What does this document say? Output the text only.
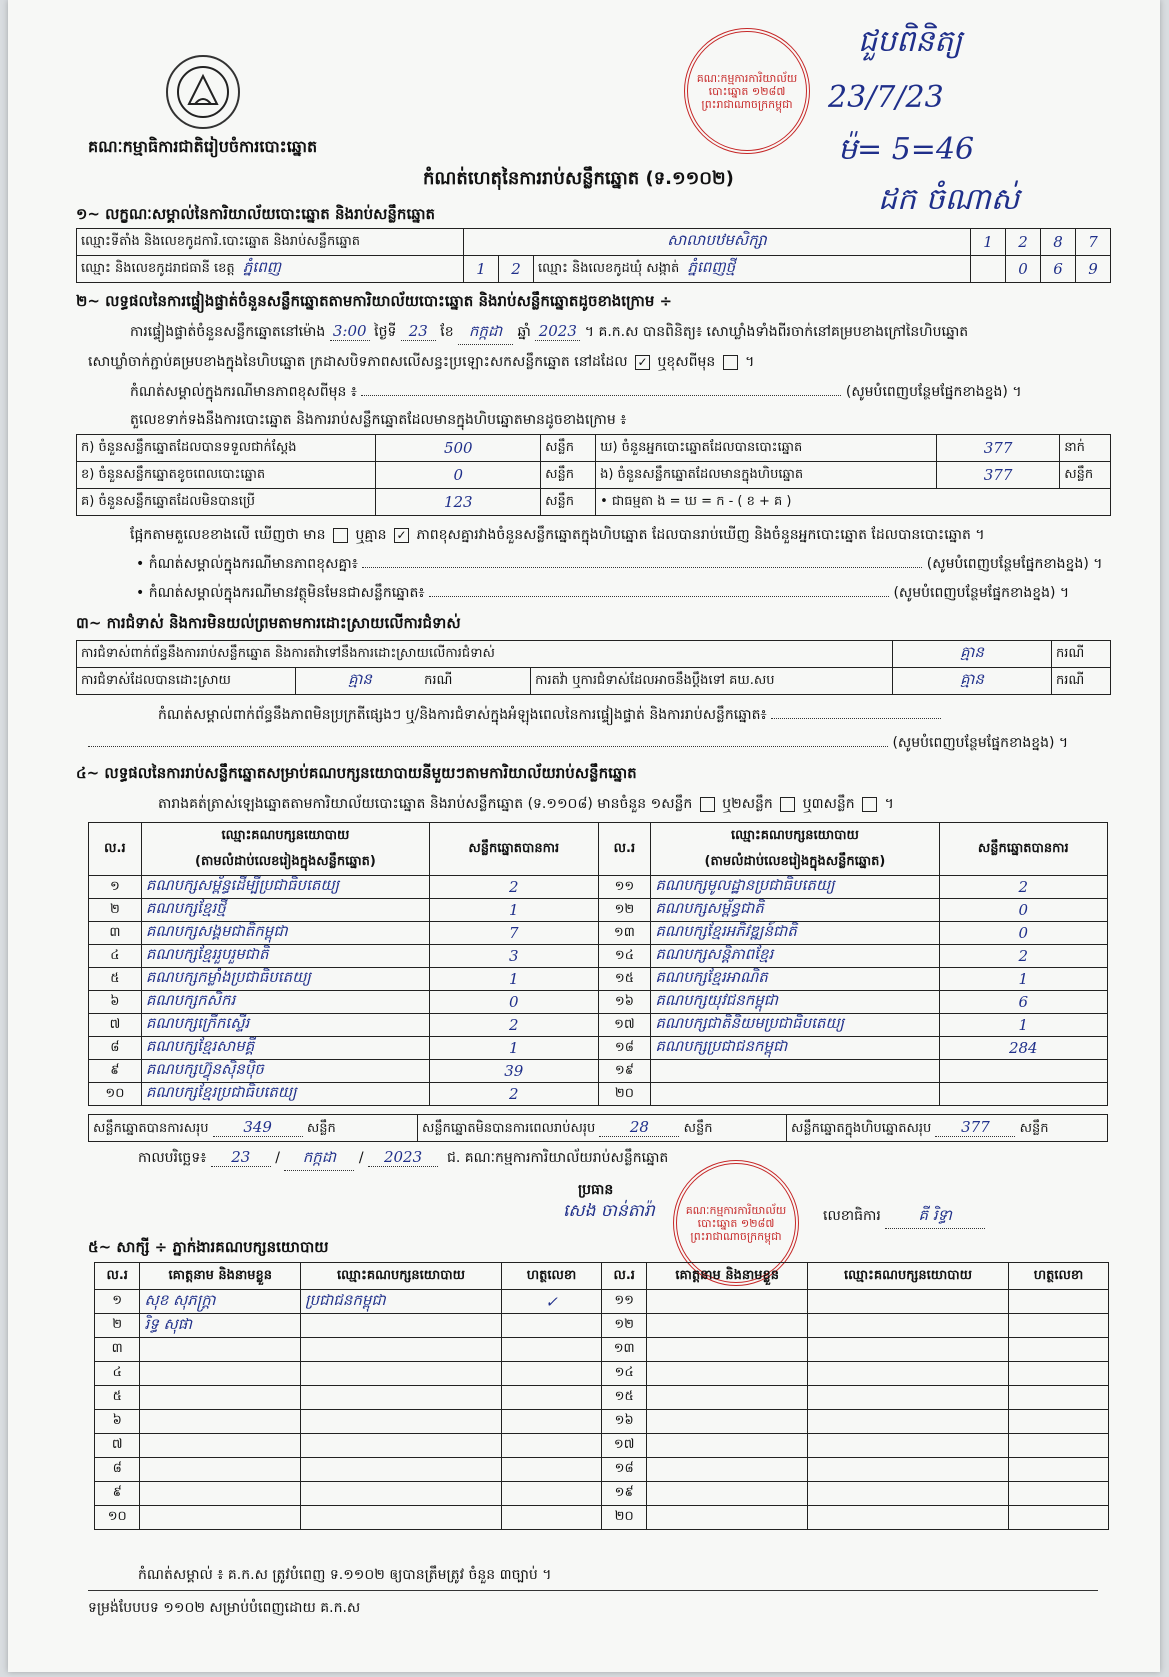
គណៈកម្មាធិការជាតិរៀបចំការបោះឆ្នោត
កំណត់ហេតុនៃការរាប់សន្លឹកឆ្នោត (ទ.១១០២)
គណៈកម្មការការិយាល័យបោះឆ្នោត ១២៨៧ ព្រះរាជាណាចក្រកម្ពុជា
ជួបពិនិត្យ
23/7/23
ម៉= 5=46
ដក ចំណាស់
១~ លក្ខណៈសម្គាល់នៃការិយាល័យបោះឆ្នោត និងរាប់សន្លឹកឆ្នោត
ឈ្មោះទីតាំង និងលេខកូដការិ.បោះឆ្នោត និងរាប់សន្លឹកឆ្នោត	សាលាបឋមសិក្សា			1	2	8	7
ឈ្មោះ និងលេខកូដរាជធានី ខេត្ត ភ្នំពេញ	1	2	ឈ្មោះ និងលេខកូដឃុំ សង្កាត់ ភ្នំពេញថ្មី		0	6	9
២~ លទ្ធផលនៃការផ្ទៀងផ្ទាត់ចំនួនសន្លឹកឆ្នោតតាមការិយាល័យបោះឆ្នោត និងរាប់សន្លឹកឆ្នោតដូចខាងក្រោម ÷
ការផ្ទៀងផ្ទាត់ចំនួនសន្លឹកឆ្នោតនៅម៉ោង 3:00 ថ្ងៃទី 23 ខែ កក្កដា ឆ្នាំ 2023 ។ គ.ក.ស បានពិនិត្យ៖ សោឃ្លាំងទាំងពីរចាក់នៅគម្របខាងក្រៅនៃហិបឆ្នោត
សោឃ្លាំចាក់ភ្ជាប់គម្របខាងក្នុងនៃហិបឆ្នោត ក្រដាសបិទភាពសលើសន្ធះប្រឡោះសកសន្លឹកឆ្នោត នៅដដែល ✓ ឬខុសពីមុន  ។
កំណត់សម្គាល់ក្នុងករណីមានភាពខុសពីមុន ៖	(សូមបំពេញបន្ថែមផ្នែកខាងខ្នង) ។
តួលេខទាក់ទងនឹងការបោះឆ្នោត និងការរាប់សន្លឹកឆ្នោតដែលមានក្នុងហិបឆ្នោតមានដូចខាងក្រោម ៖
ក) ចំនួនសន្លឹកឆ្នោតដែលបានទទួលជាក់ស្តែង	500	សន្លឹក	ឃ) ចំនួនអ្នកបោះឆ្នោតដែលបានបោះឆ្នោត	377	នាក់
ខ) ចំនួនសន្លឹកឆ្នោតខូចពេលបោះឆ្នោត	0	សន្លឹក	ង) ចំនួនសន្លឹកឆ្នោតដែលមានក្នុងហិបឆ្នោត	377	សន្លឹក
គ) ចំនួនសន្លឹកឆ្នោតដែលមិនបានប្រើ	123	សន្លឹក	• ជាធម្មតា ង = ឃ = ក - ( ខ + គ )		
ផ្អែកតាមតួលេខខាងលើ ឃើញថា មាន ឬគ្មាន ✓ ភាពខុសគ្នារវាងចំនួនសន្លឹកឆ្នោតក្នុងហិបឆ្នោត ដែលបានរាប់ឃើញ និងចំនួនអ្នកបោះឆ្នោត ដែលបានបោះឆ្នោត ។
• កំណត់សម្គាល់ក្នុងករណីមានភាពខុសគ្នា៖	(សូមបំពេញបន្ថែមផ្នែកខាងខ្នង) ។
• កំណត់សម្គាល់ក្នុងករណីមានវត្ថុមិនមែនជាសន្លឹកឆ្នោត៖	(សូមបំពេញបន្ថែមផ្នែកខាងខ្នង) ។
៣~ ការជំទាស់ និងការមិនយល់ព្រមតាមការដោះស្រាយលើការជំទាស់
ការជំទាស់ពាក់ព័ន្ធនឹងការរាប់សន្លឹកឆ្នោត និងការតវ៉ាទៅនឹងការដោះស្រាយលើការជំទាស់			គ្មាន	ករណី
ការជំទាស់ដែលបានដោះស្រាយ	គ្មាន ករណី	ការតវ៉ា ឬការជំទាស់ដែលអាចនឹងប្តឹងទៅ គឃ.សប	គ្មាន	ករណី
កំណត់សម្គាល់ពាក់ព័ន្ធនឹងភាពមិនប្រក្រតីផ្សេងៗ ឬ/និងការជំទាស់ក្នុងអំឡុងពេលនៃការផ្ទៀងផ្ទាត់ និងការរាប់សន្លឹកឆ្នោត៖
(សូមបំពេញបន្ថែមផ្នែកខាងខ្នង) ។
៤~ លទ្ធផលនៃការរាប់សន្លឹកឆ្នោតសម្រាប់គណបក្សនយោបាយនីមួយៗតាមការិយាល័យរាប់សន្លឹកឆ្នោត
តារាងគត់ត្រាស់ឡេងឆ្នោតតាមការិយាល័យបោះឆ្នោត និងរាប់សន្លឹកឆ្នោត (ទ.១១០៨) មានចំនួន ១សន្លឹក ឬ២សន្លឹក ឬ៣សន្លឹក  ។
ល.រ	ឈ្មោះគណបក្សនយោបាយ	សន្លឹកឆ្នោតបានការ	ល.រ	ឈ្មោះគណបក្សនយោបាយ	សន្លឹកឆ្នោតបានការ
	(តាមលំដាប់លេខរៀងក្នុងសន្លឹកឆ្នោត)			(តាមលំដាប់លេខរៀងក្នុងសន្លឹកឆ្នោត)	
១	គណបក្សសម្ព័ន្ធដើម្បីប្រជាធិបតេយ្យ	2	១១	គណបក្សមូលដ្ឋានប្រជាធិបតេយ្យ	2
២	គណបក្សខ្មែរថ្មី	1	១២	គណបក្សសម្ព័ន្ធជាតិ	0
៣	គណបក្សសង្គមជាតិកម្ពុជា	7	១៣	គណបក្សខ្មែរអភិវឌ្ឍន៍ជាតិ	0
៤	គណបក្សខ្មែររួបរួមជាតិ	3	១៤	គណបក្សសន្តិភាពខ្មែរ	2
៥	គណបក្សកម្លាំងប្រជាធិបតេយ្យ	1	១៥	គណបក្សខ្មែរអាណិត	1
៦	គណបក្សកសិករ	0	១៦	គណបក្សយុវជនកម្ពុជា	6
៧	គណបក្សក្រើកស្ទើរ	2	១៧	គណបក្សជាតិនិយមប្រជាធិបតេយ្យ	1
៨	គណបក្សខ្មែរសាមគ្គី	1	១៨	គណបក្សប្រជាជនកម្ពុជា	284
៩	គណបក្សហ៊្វុនស៊ិនប៉ិច	39	១៩		
១០	គណបក្សខ្មែរប្រជាធិបតេយ្យ	2	២០		
សន្លឹកឆ្នោតបានការសរុប 349	សន្លឹក	សន្លឹកឆ្នោតមិនបានការពេលរាប់សរុប 28	សន្លឹក	សន្លឹកឆ្នោតក្នុងហិបឆ្នោតសរុប 377 សន្លឹក
កាលបរិច្ឆេទ៖ 23 / កក្កដា / 2023 ជ. គណៈកម្មការការិយាល័យរាប់សន្លឹកឆ្នោត
គណៈកម្មការការិយាល័យបោះឆ្នោត ១២៨៧ ព្រះរាជាណាចក្រកម្ពុជា
ប្រធាន
សេង ចាន់តារ៉ា	លេខាធិការ	គី រិទ្ធា
៥~ សាក្សី ÷ ភ្នាក់ងារគណបក្សនយោបាយ
ល.រ	គោត្តនាម និងនាមខ្លួន	ឈ្មោះគណបក្សនយោបាយ	ហត្ថលេខា	ល.រ	គោត្តនាម និងនាមខ្លួន	ឈ្មោះគណបក្សនយោបាយ	ហត្ថលេខា
១	សុខ សុភក្រ្តា	ប្រជាជនកម្ពុជា	✓	១១			
២	រិទ្ធ សុផា			១២			
៣				១៣			
៤				១៤			
៥				១៥			
៦				១៦			
៧				១៧			
៨				១៨			
៩				១៩			
១០				២០			
កំណត់សម្គាល់ ៖ គ.ក.ស ត្រូវបំពេញ ទ.១១០២ ឲ្យបានត្រឹមត្រូវ ចំនួន ៣ច្បាប់ ។
ទម្រង់បែបបទ ១១០២ សម្រាប់បំពេញដោយ គ.ក.ស
